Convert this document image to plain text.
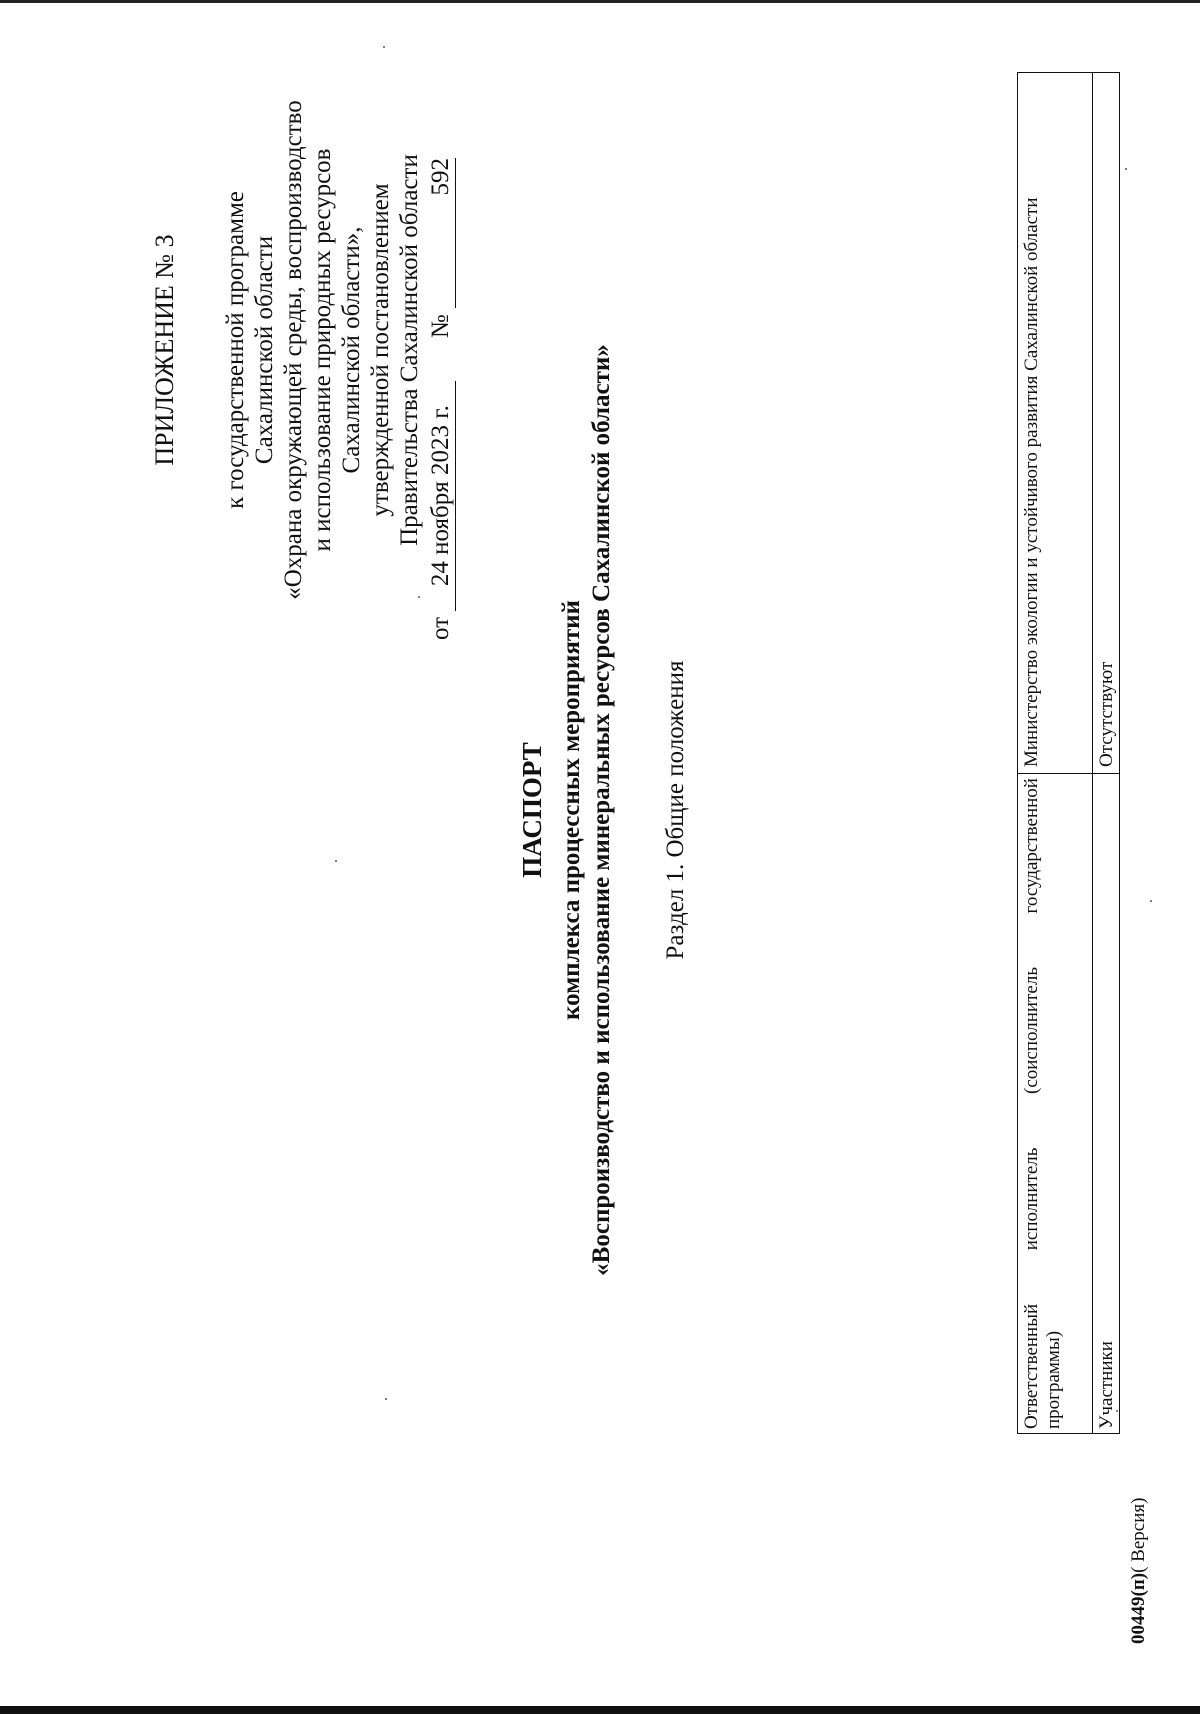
ПРИЛОЖЕНИЕ № 3 к государственной программе Сахалинской области «Охрана окружающей среды, воспроизводство и использование природных ресурсов Сахалинской области», утвержденной постановлением Правительства Сахалинской области
от 24 ноября 2023 г.  № 592
ПАСПОРТ комплекса процессных мероприятий «Воспроизводство и использование минеральных ресурсов Сахалинской области» Раздел 1. Общие положения
Ответственный
исполнитель
(соисполнитель
государственной
программы)
Министерство экологии и устойчивого развития Сахалинской области
Участники
Отсутствуют
00449(п)( Версия)
